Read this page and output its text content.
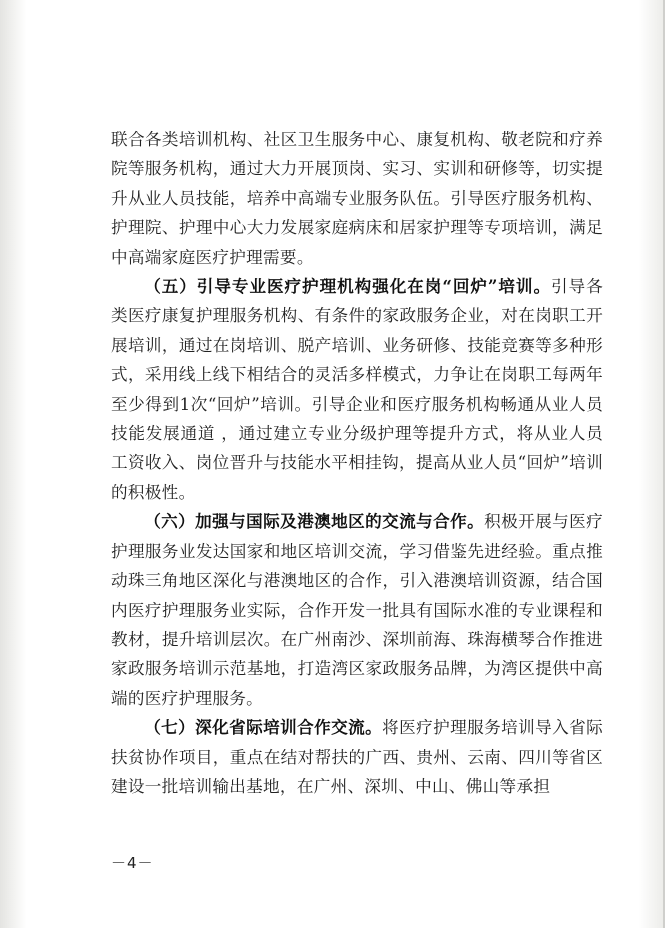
联合各类培训机构、社区卫生服务中心、康复机构、敬老院和疗养院等服务机构，通过大力开展顶岗、实习、实训和研修等，切实提升从业人员技能，培养中高端专业服务队伍。引导医疗服务机构、护理院、护理中心大力发展家庭病床和居家护理等专项培训，满足中高端家庭医疗护理需要。

（五）引导专业医疗护理机构强化在岗“回炉”培训。引导各类医疗康复护理服务机构、有条件的家政服务企业，对在岗职工开展培训，通过在岗培训、脱产培训、业务研修、技能竞赛等多种形式，采用线上线下相结合的灵活多样模式，力争让在岗职工每两年至少得到1次“回炉”培训。引导企业和医疗服务机构畅通从业人员技能发展通道 ，通过建立专业分级护理等提升方式，将从业人员工资收入、岗位晋升与技能水平相挂钩，提高从业人员“回炉”培训的积极性。

（六）加强与国际及港澳地区的交流与合作。积极开展与医疗护理服务业发达国家和地区培训交流，学习借鉴先进经验。重点推动珠三角地区深化与港澳地区的合作，引入港澳培训资源，结合国内医疗护理服务业实际，合作开发一批具有国际水准的专业课程和教材，提升培训层次。在广州南沙、深圳前海、珠海横琴合作推进家政服务培训示范基地，打造湾区家政服务品牌，为湾区提供中高端的医疗护理服务。

（七）深化省际培训合作交流。将医疗护理服务培训导入省际扶贫协作项目，重点在结对帮扶的广西、贵州、云南、四川等省区建设一批培训输出基地，在广州、深圳、中山、佛山等承担

－4－
